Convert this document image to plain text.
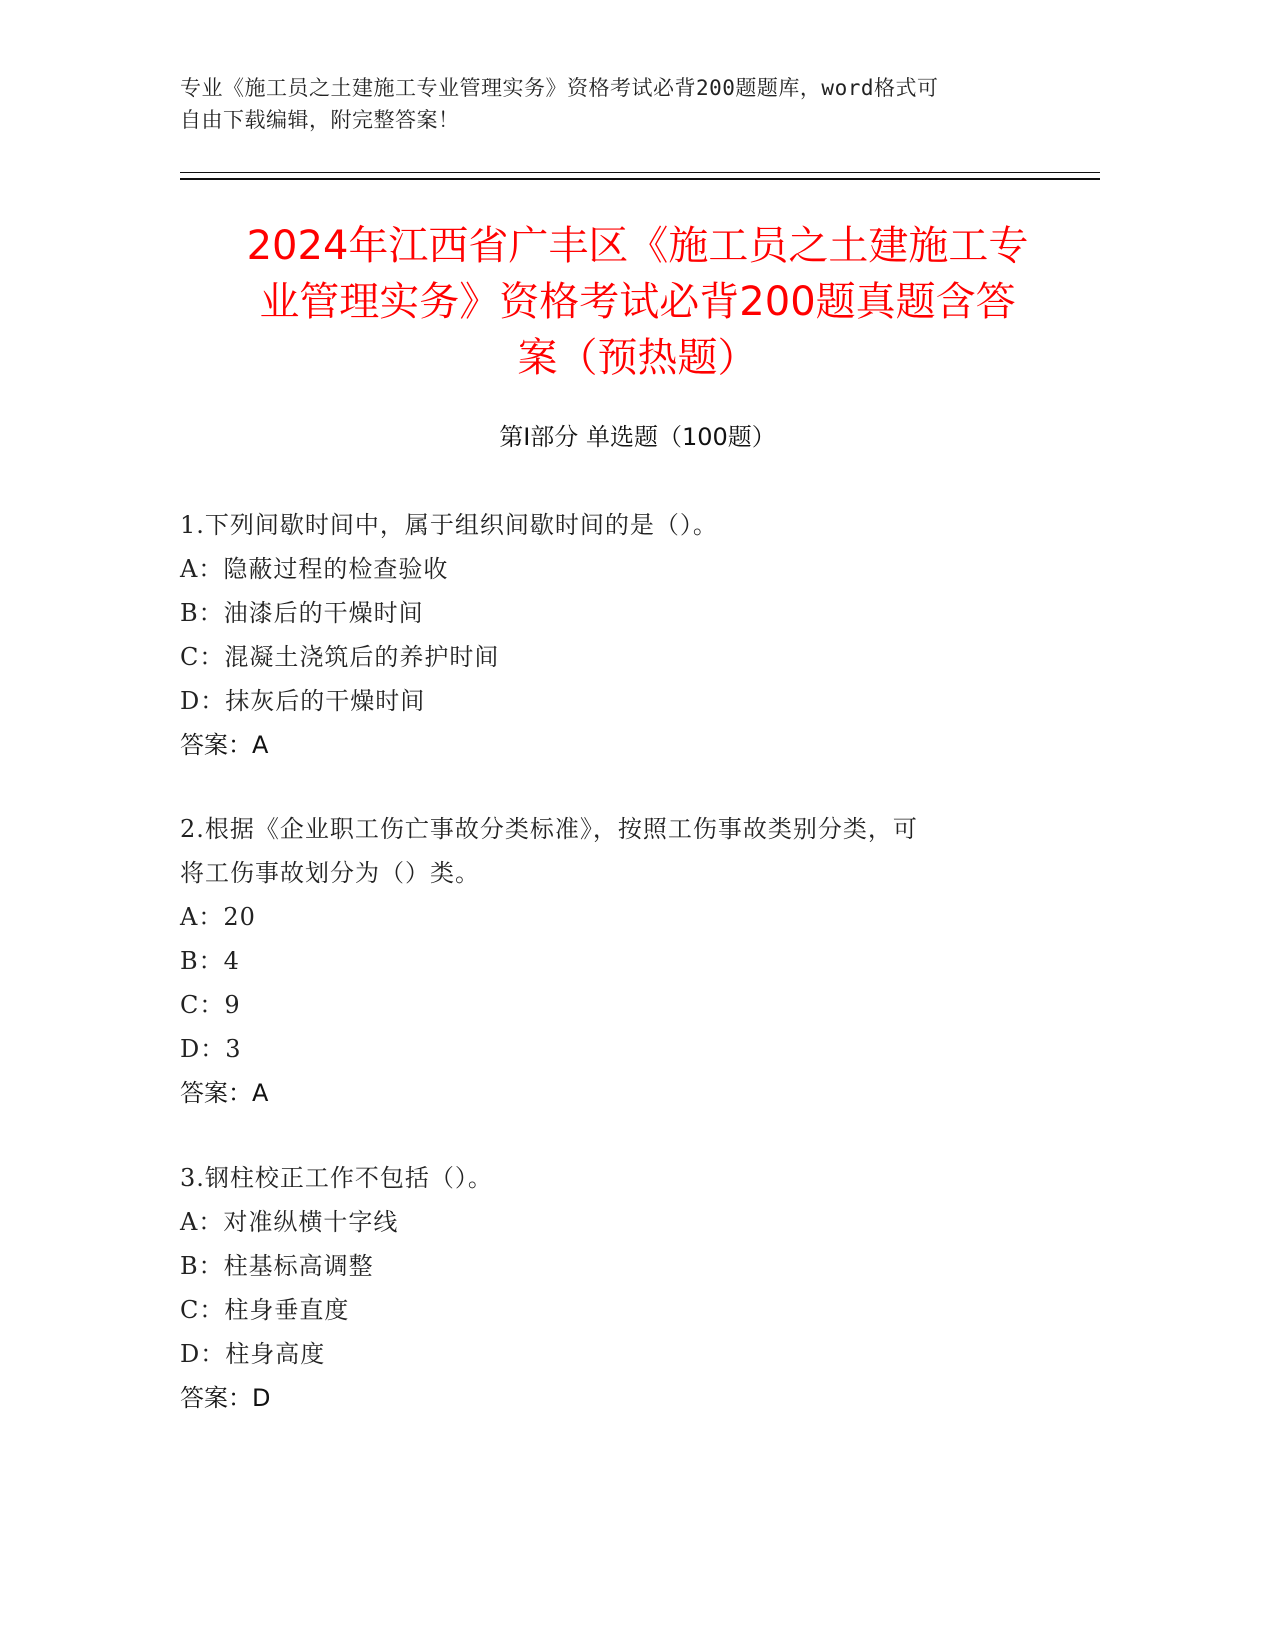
专业《施工员之土建施工专业管理实务》资格考试必背200题题库，word格式可
自由下载编辑，附完整答案！
2024年江西省广丰区《施工员之土建施工专
业管理实务》资格考试必背200题真题含答
案（预热题）
第Ⅰ部分 单选题（100题）
1.下列间歇时间中，属于组织间歇时间的是（）。
A：隐蔽过程的检查验收
B：油漆后的干燥时间
C：混凝土浇筑后的养护时间
D：抹灰后的干燥时间
答案：A
2.根据《企业职工伤亡事故分类标准》，按照工伤事故类别分类，可
将工伤事故划分为（）类。
A：20
B：4
C：9
D：3
答案：A
3.钢柱校正工作不包括（）。
A：对准纵横十字线
B：柱基标高调整
C：柱身垂直度
D：柱身高度
答案：D
